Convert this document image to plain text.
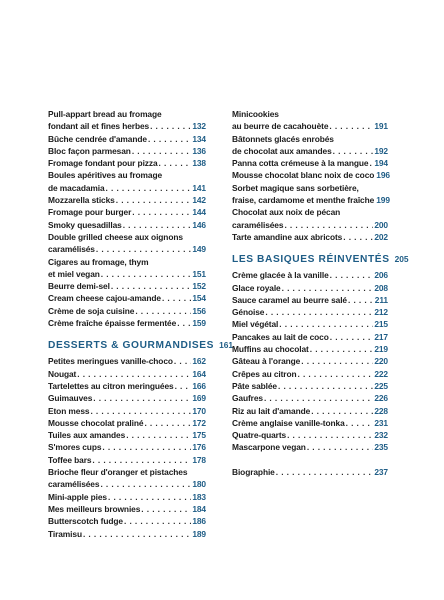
Pull-appart bread au fromage
fondant ail et fines herbes . . .	132
Bûche cendrée d'amande . . .	134
Bloc façon parmesan . . .	136
Fromage fondant pour pizza . . .	138
Boules apéritives au fromage
de macadamia . . .	141
Mozzarella sticks . . .	142
Fromage pour burger . . .	144
Smoky quesadillas . . .	146
Double grilled cheese aux oignons
caramélisés . . .	149
Cigares au fromage, thym
et miel vegan . . .	151
Beurre demi-sel . . .	152
Cream cheese cajou-amande . . .	154
Crème de soja cuisine . . .	156
Crème fraîche épaisse fermentée . . . 159
DESSERTS & GOURMANDISES 161
Petites meringues vanille-choco . . . 162
Nougat . . .	164
Tartelettes au citron meringuées . . . 166
Guimauves . . .	169
Eton mess . . .	170
Mousse chocolat praliné . . .	172
Tuiles aux amandes . . .	175
S'mores cups . . .	176
Toffee bars . . .	178
Brioche fleur d'oranger et pistaches
caramélisées . . .	180
Mini-apple pies . . .	183
Mes meilleurs brownies . . .	184
Butterscotch fudge . . .	186
Tiramisu . . .	189
Minicookies
au beurre de cacahouète . . .	191
Bâtonnets glacés enrobés
de chocolat aux amandes . . .	192
Panna cotta crémeuse à la mangue . . . 194
Mousse chocolat blanc noix de coco 196
Sorbet magique sans sorbetière,
fraise, cardamome et menthe fraîche 199
Chocolat aux noix de pécan
caramélisées . . .	200
Tarte amandine aux abricots . . .	202
LES BASIQUES RÉINVENTÉS 205
Crème glacée à la vanille . . .	206
Glace royale . . .	208
Sauce caramel au beurre salé . . .	211
Génoise . . .	212
Miel végétal . . .	215
Pancakes au lait de coco . . .	217
Muffins au chocolat . . .	219
Gâteau à l'orange . . .	220
Crêpes au citron . . .	222
Pâte sablée . . .	225
Gaufres . . .	226
Riz au lait d'amande . . .	228
Crème anglaise vanille-tonka . . .	231
Quatre-quarts . . .	232
Mascarpone vegan . . .	235
Biographie . . .	237
